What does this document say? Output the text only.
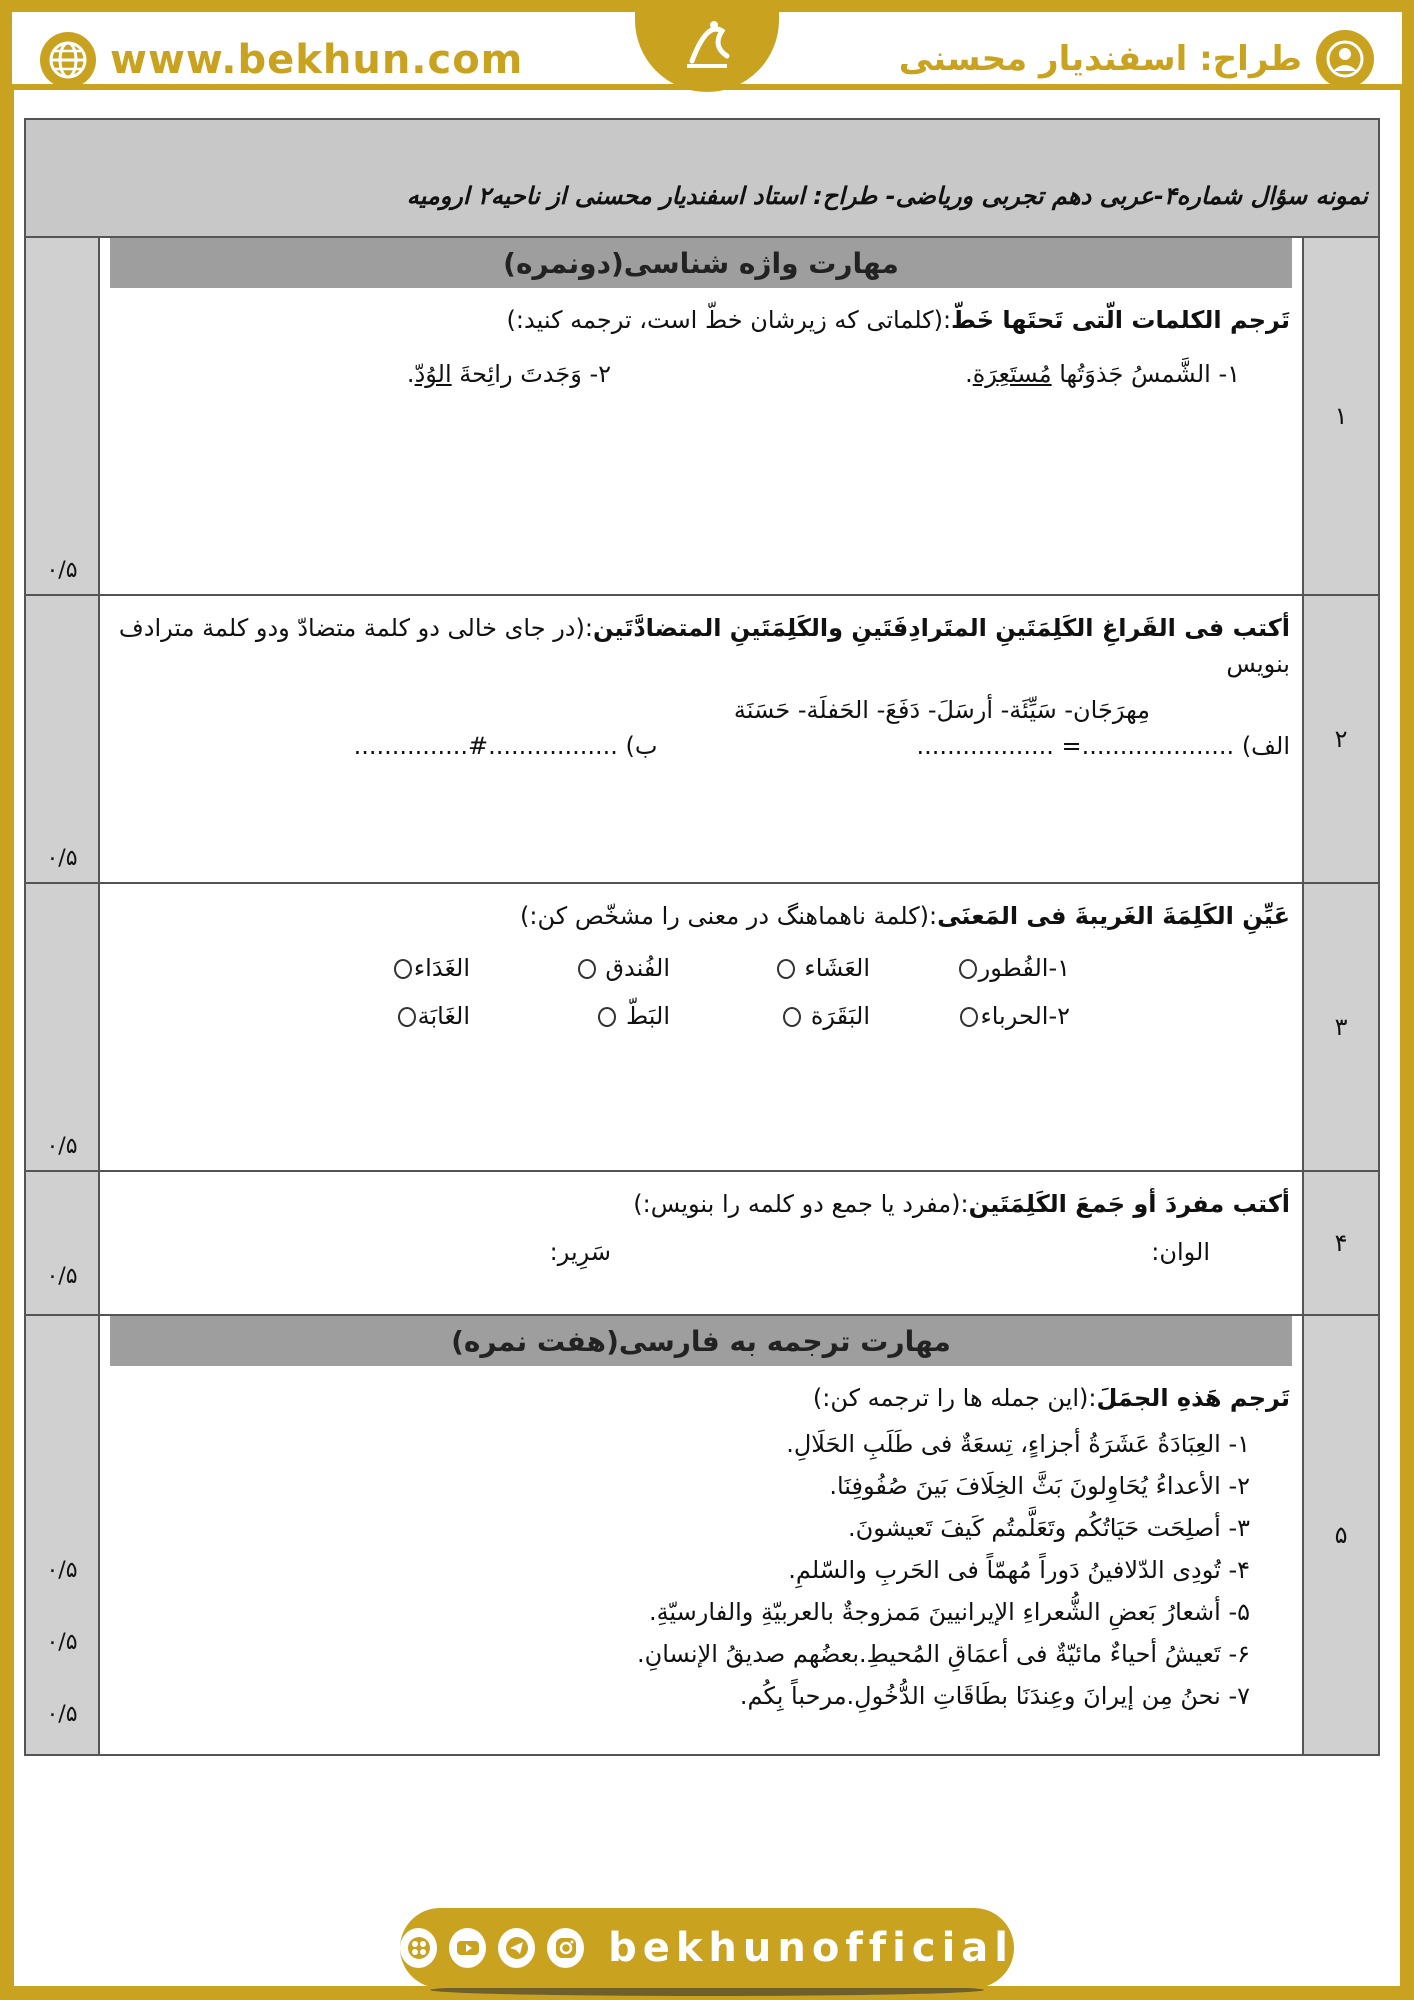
www.bekhun.com	طراح: اسفندیار محسنی
نمونه سؤال شماره۴-عربی دهم تجربی وریاضی- طراح: استاد اسفندیار محسنی از ناحیه۲ ارومیه
۱
مهارت واژه شناسی(دونمره)
تَرجم الكلمات الّتی تَحتَها خَطّ:(کلماتی که زیرشان خطّ است، ترجمه کنید:)
۱- الشَّمسُ جَذوَتُها مُستَعِرَة.
۲- وَجَدتَ رائِحةَ الوُدّ.
۰/۵
۲
أکتب فی القَراغِ الکَلِمَتَینِ المتَرادِفَتَینِ والکَلِمَتَینِ المتضادَّتَین:(در جای خالی دو کلمة متضادّ ودو کلمة مترادف بنویس
مِهرَجَان- سَیِّئَة- أرسَلَ- دَفَعَ- الحَفلَة- حَسَنَة
الف) ....................= ..................
ب) .................#...............
۰/۵
۳
عَیِّنِ الکَلِمَةَ الغَریبةَ فی المَعنَی:(کلمة ناهماهنگ در معنی را مشخّص کن:)
۱-الفُطور
العَشَاء
الفُندق
الغَدَاء
۲-الحرباء
البَقَرَة
البَطّ
الغَابَة
۰/۵
۴
أکتب مفردَ أو جَمعَ الکَلِمَتَین:(مفرد یا جمع دو کلمه را بنویس:)
الوان:
سَرِیر:
۰/۵
۵
مهارت ترجمه به فارسی(هفت نمره)
تَرجم هَذهِ الجمَلَ:(این جمله ها را ترجمه کن:)
۱- العِبَادَةُ عَشَرَةُ أجزاءٍ، تِسعَةٌ فی طَلَبِ الحَلَالِ.
۲- الأعداءُ یُحَاوِلونَ بَثَّ الخِلَافَ بَینَ صُفُوفِنَا.
۳- أصلِحَت حَیَاتُکُم وتَعَلَّمتُم کَیفَ تَعیشونَ.
۴- تُودِی الدّلافینُ دَوراً مُهمّاً فی الحَربِ والسّلمِ.
۵- أشعارُ بَعضِ الشُّعراءِ الإیرانیینَ مَمزوجةٌ بالعربیّةِ والفارسیّةِ.
۶- تَعیشُ أحیاءٌ مائیّةٌ فی أعمَاقِ المُحیطِ.بعضُهم صدیقُ الإنسانِ.
۷- نحنُ مِن إیرانَ وعِندَنَا بطَاقَاتِ الدُّخُولِ.مرحباً بِکُم.
۰/۵
۰/۵
۰/۵
bekhunofficial
